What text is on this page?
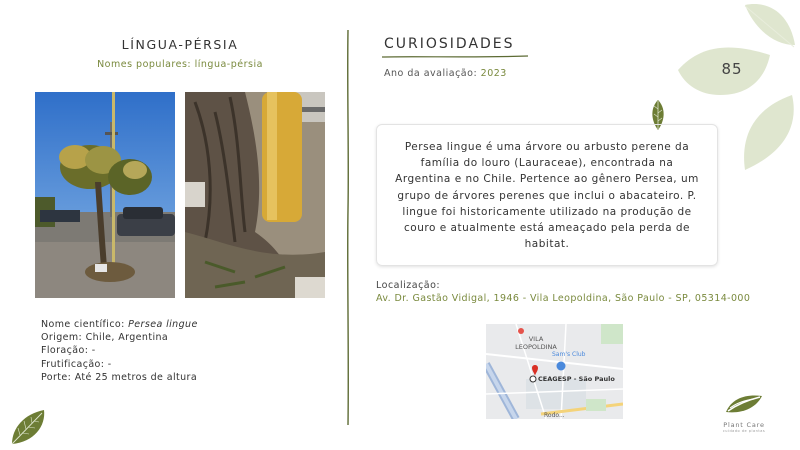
85
LÍNGUA-PÉRSIA
Nomes populares: língua-pérsia
Nome científico: Persea lingue
Origem: Chile, Argentina
Floração: -
Frutificação: -
Porte: Até 25 metros de altura
CURIOSIDADES
Ano da avaliação: 2023

Persea lingue é uma árvore ou arbusto perene da família do louro (Lauraceae), encontrada na Argentina e no Chile. Pertence ao gênero Persea, um grupo de árvores perenes que inclui o abacateiro. P. lingue foi historicamente utilizado na produção de couro e atualmente está ameaçado pela perda de habitat.

Localização:
Av. Dr. Gastão Vidigal, 1946 - Vila Leopoldina, São Paulo - SP, 05314-000
VILA
LEOPOLDINA
Sam's Club
CEAGESP - São Paulo
Rodo...
Plant Care
cuidado de plantas
